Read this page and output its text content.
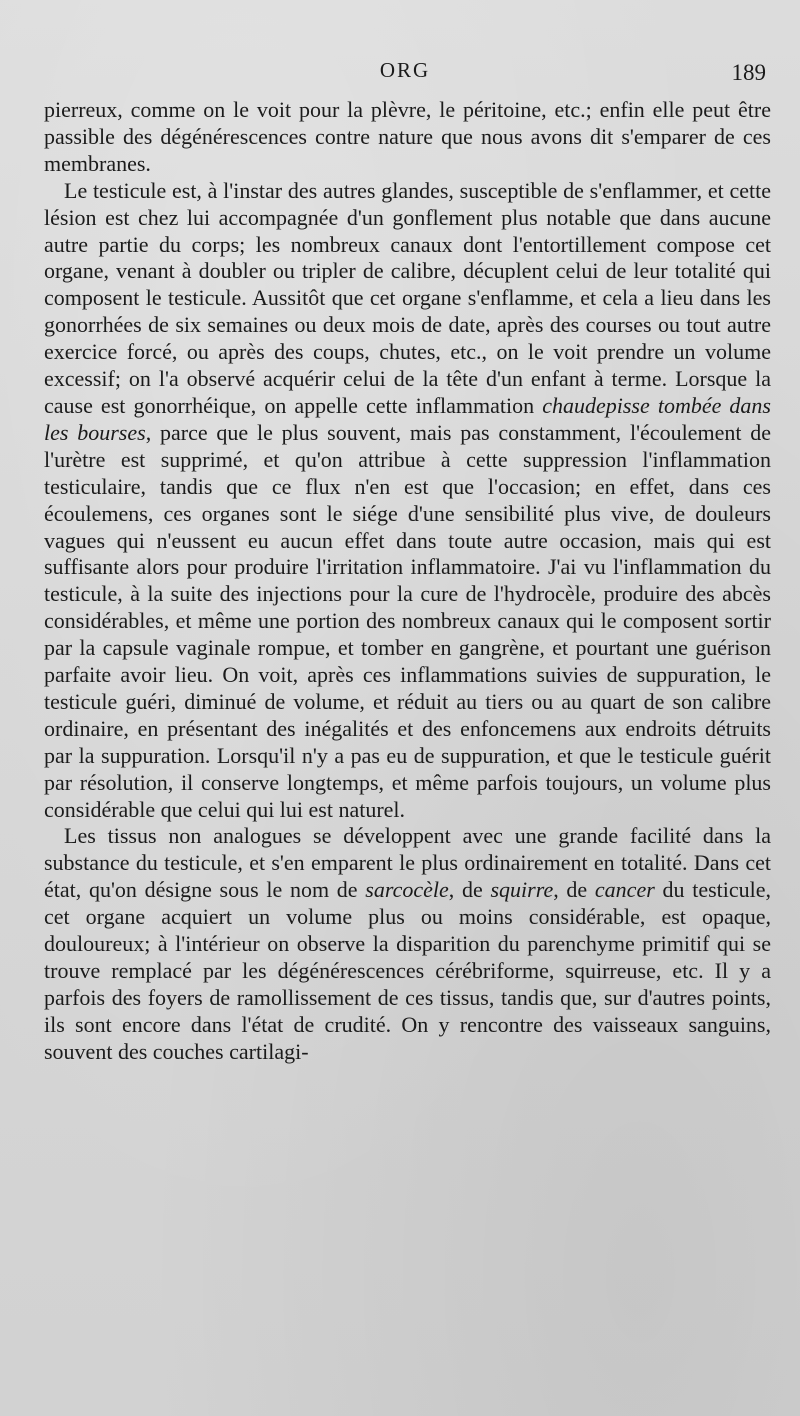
ORG	189

pierreux, comme on le voit pour la plèvre, le péritoine, etc.; enfin elle peut être passible des dégénérescences contre nature que nous avons dit s'emparer de ces membranes.

Le testicule est, à l'instar des autres glandes, susceptible de s'enflammer, et cette lésion est chez lui accompagnée d'un gonflement plus notable que dans aucune autre partie du corps; les nombreux canaux dont l'entortillement compose cet organe, venant à doubler ou tripler de calibre, décuplent celui de leur totalité qui composent le testicule. Aussitôt que cet organe s'enflamme, et cela a lieu dans les gonorrhées de six semaines ou deux mois de date, après des courses ou tout autre exercice forcé, ou après des coups, chutes, etc., on le voit prendre un volume excessif; on l'a observé acquérir celui de la tête d'un enfant à terme. Lorsque la cause est gonorrhéique, on appelle cette inflammation chaudepisse tombée dans les bourses, parce que le plus souvent, mais pas constamment, l'écoulement de l'urètre est supprimé, et qu'on attribue à cette suppression l'inflammation testiculaire, tandis que ce flux n'en est que l'occasion; en effet, dans ces écoulemens, ces organes sont le siége d'une sensibilité plus vive, de douleurs vagues qui n'eussent eu aucun effet dans toute autre occasion, mais qui est suffisante alors pour produire l'irritation inflammatoire. J'ai vu l'inflammation du testicule, à la suite des injections pour la cure de l'hydrocèle, produire des abcès considérables, et même une portion des nombreux canaux qui le composent sortir par la capsule vaginale rompue, et tomber en gangrène, et pourtant une guérison parfaite avoir lieu. On voit, après ces inflammations suivies de suppuration, le testicule guéri, diminué de volume, et réduit au tiers ou au quart de son calibre ordinaire, en présentant des inégalités et des enfoncemens aux endroits détruits par la suppuration. Lorsqu'il n'y a pas eu de suppuration, et que le testicule guérit par résolution, il conserve longtemps, et même parfois toujours, un volume plus considérable que celui qui lui est naturel.

Les tissus non analogues se développent avec une grande facilité dans la substance du testicule, et s'en emparent le plus ordinairement en totalité. Dans cet état, qu'on désigne sous le nom de sarcocèle, de squirre, de cancer du testicule, cet organe acquiert un volume plus ou moins considérable, est opaque, douloureux; à l'intérieur on observe la disparition du parenchyme primitif qui se trouve remplacé par les dégénérescences cérébriforme, squirreuse, etc. Il y a parfois des foyers de ramollissement de ces tissus, tandis que, sur d'autres points, ils sont encore dans l'état de crudité. On y rencontre des vaisseaux sanguins, souvent des couches cartilagi-
